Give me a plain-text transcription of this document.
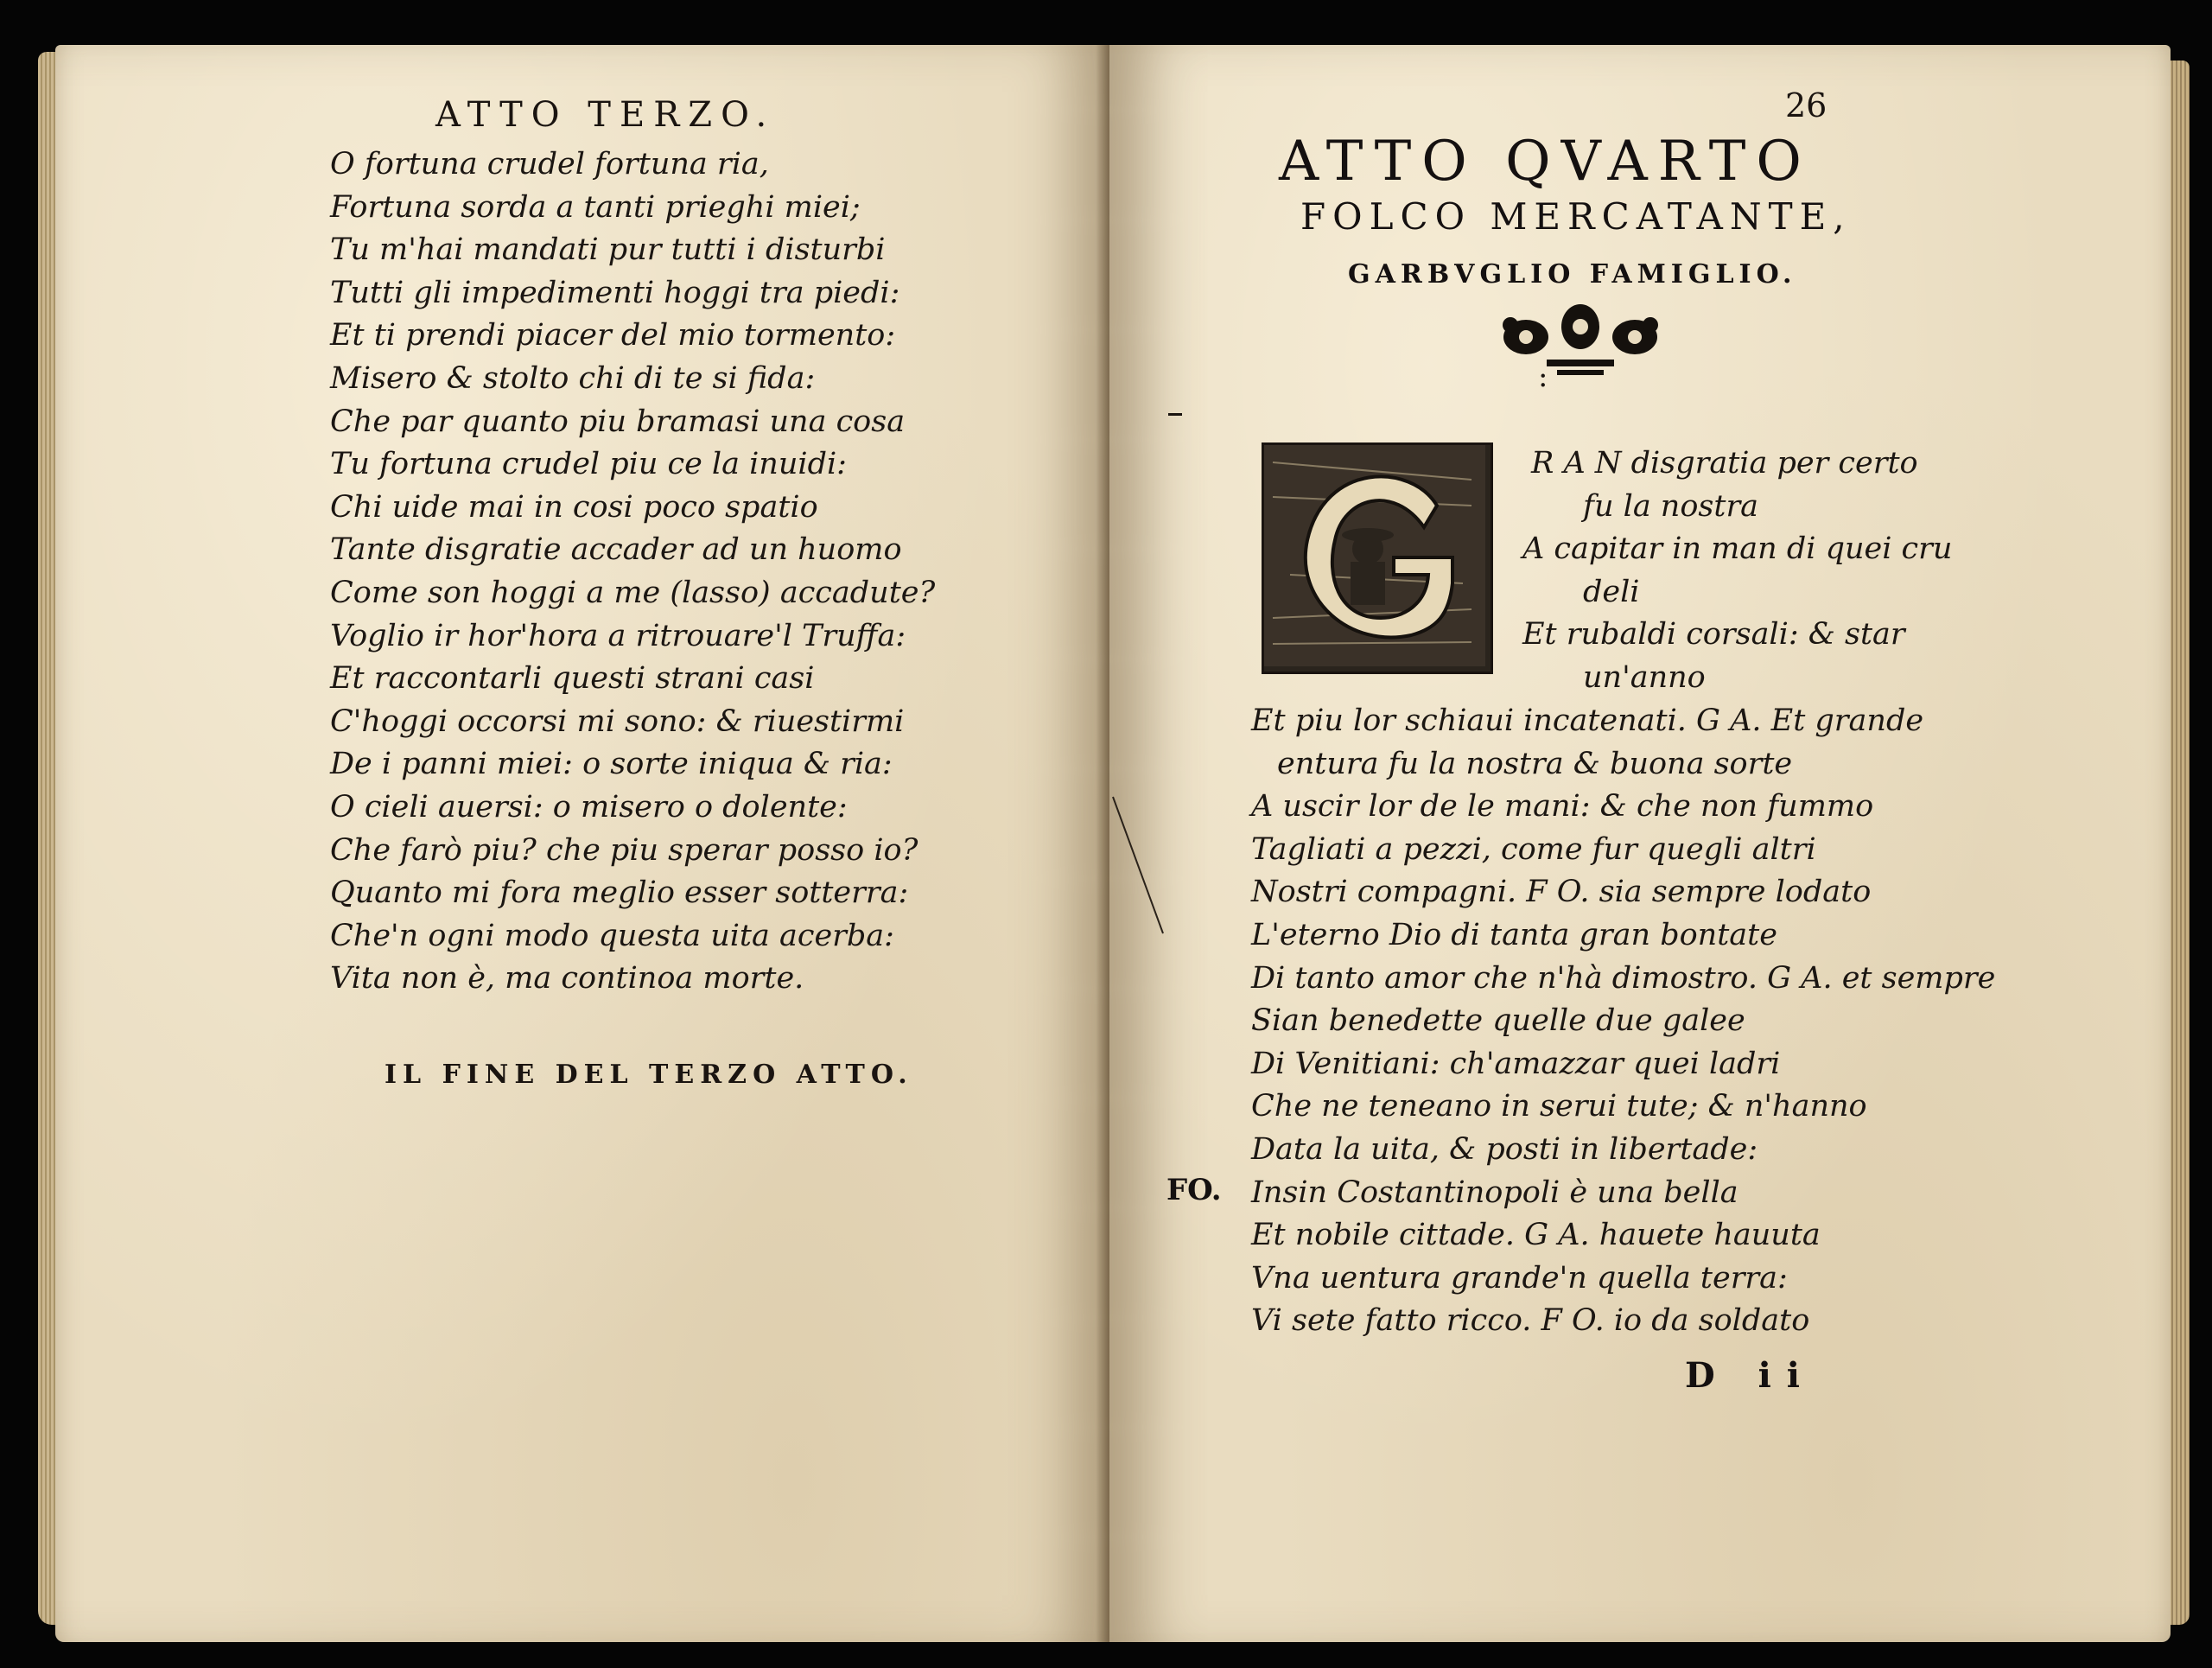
ATTO TERZO.
O fortuna crudel fortuna ria,
Fortuna sorda a tanti prieghi miei;
Tu m'hai mandati pur tutti i disturbi
Tutti gli impedimenti hoggi tra piedi:
Et ti prendi piacer del mio tormento:
Misero & stolto chi di te si fida:
Che par quanto piu bramasi una cosa
Tu fortuna crudel piu ce la inuidi:
Chi uide mai in cosi poco spatio
Tante disgratie accader ad un huomo
Come son hoggi a me (lasso) accadute?
Voglio ir hor'hora a ritrouare'l Truffa:
Et raccontarli questi strani casi
C'hoggi occorsi mi sono: & riuestirmi
De i panni miei: o sorte iniqua & ria:
O cieli auersi: o misero o dolente:
Che farò piu? che piu sperar posso io?
Quanto mi fora meglio esser sotterra:
Che'n ogni modo questa uita acerba:
Vita non è, ma continoa morte.
IL FINE DEL TERZO ATTO.
26
ATTO QVARTO
FOLCO MERCATANTE,
GARBVGLIO FAMIGLIO.
:
R A N disgratia per certo
fu la nostra
A capitar in man di quei cru
deli
Et rubaldi corsali: & star
un'anno
Et piu lor schiaui incatenati. G A. Et grande
entura fu la nostra & buona sorte
A uscir lor de le mani: & che non fummo
Tagliati a pezzi, come fur quegli altri
Nostri compagni. F O. sia sempre lodato
L'eterno Dio di tanta gran bontate
Di tanto amor che n'hà dimostro. G A. et sempre
Sian benedette quelle due galee
Di Venitiani: ch'amazzar quei ladri
Che ne teneano in serui tute; & n'hanno
Data la uita, & posti in libertade:
Insin Costantinopoli è una bella
Et nobile cittade. G A. hauete hauuta
Vna uentura grande'n quella terra:
Vi sete fatto ricco. F O. io da soldato
FO.
D ii
